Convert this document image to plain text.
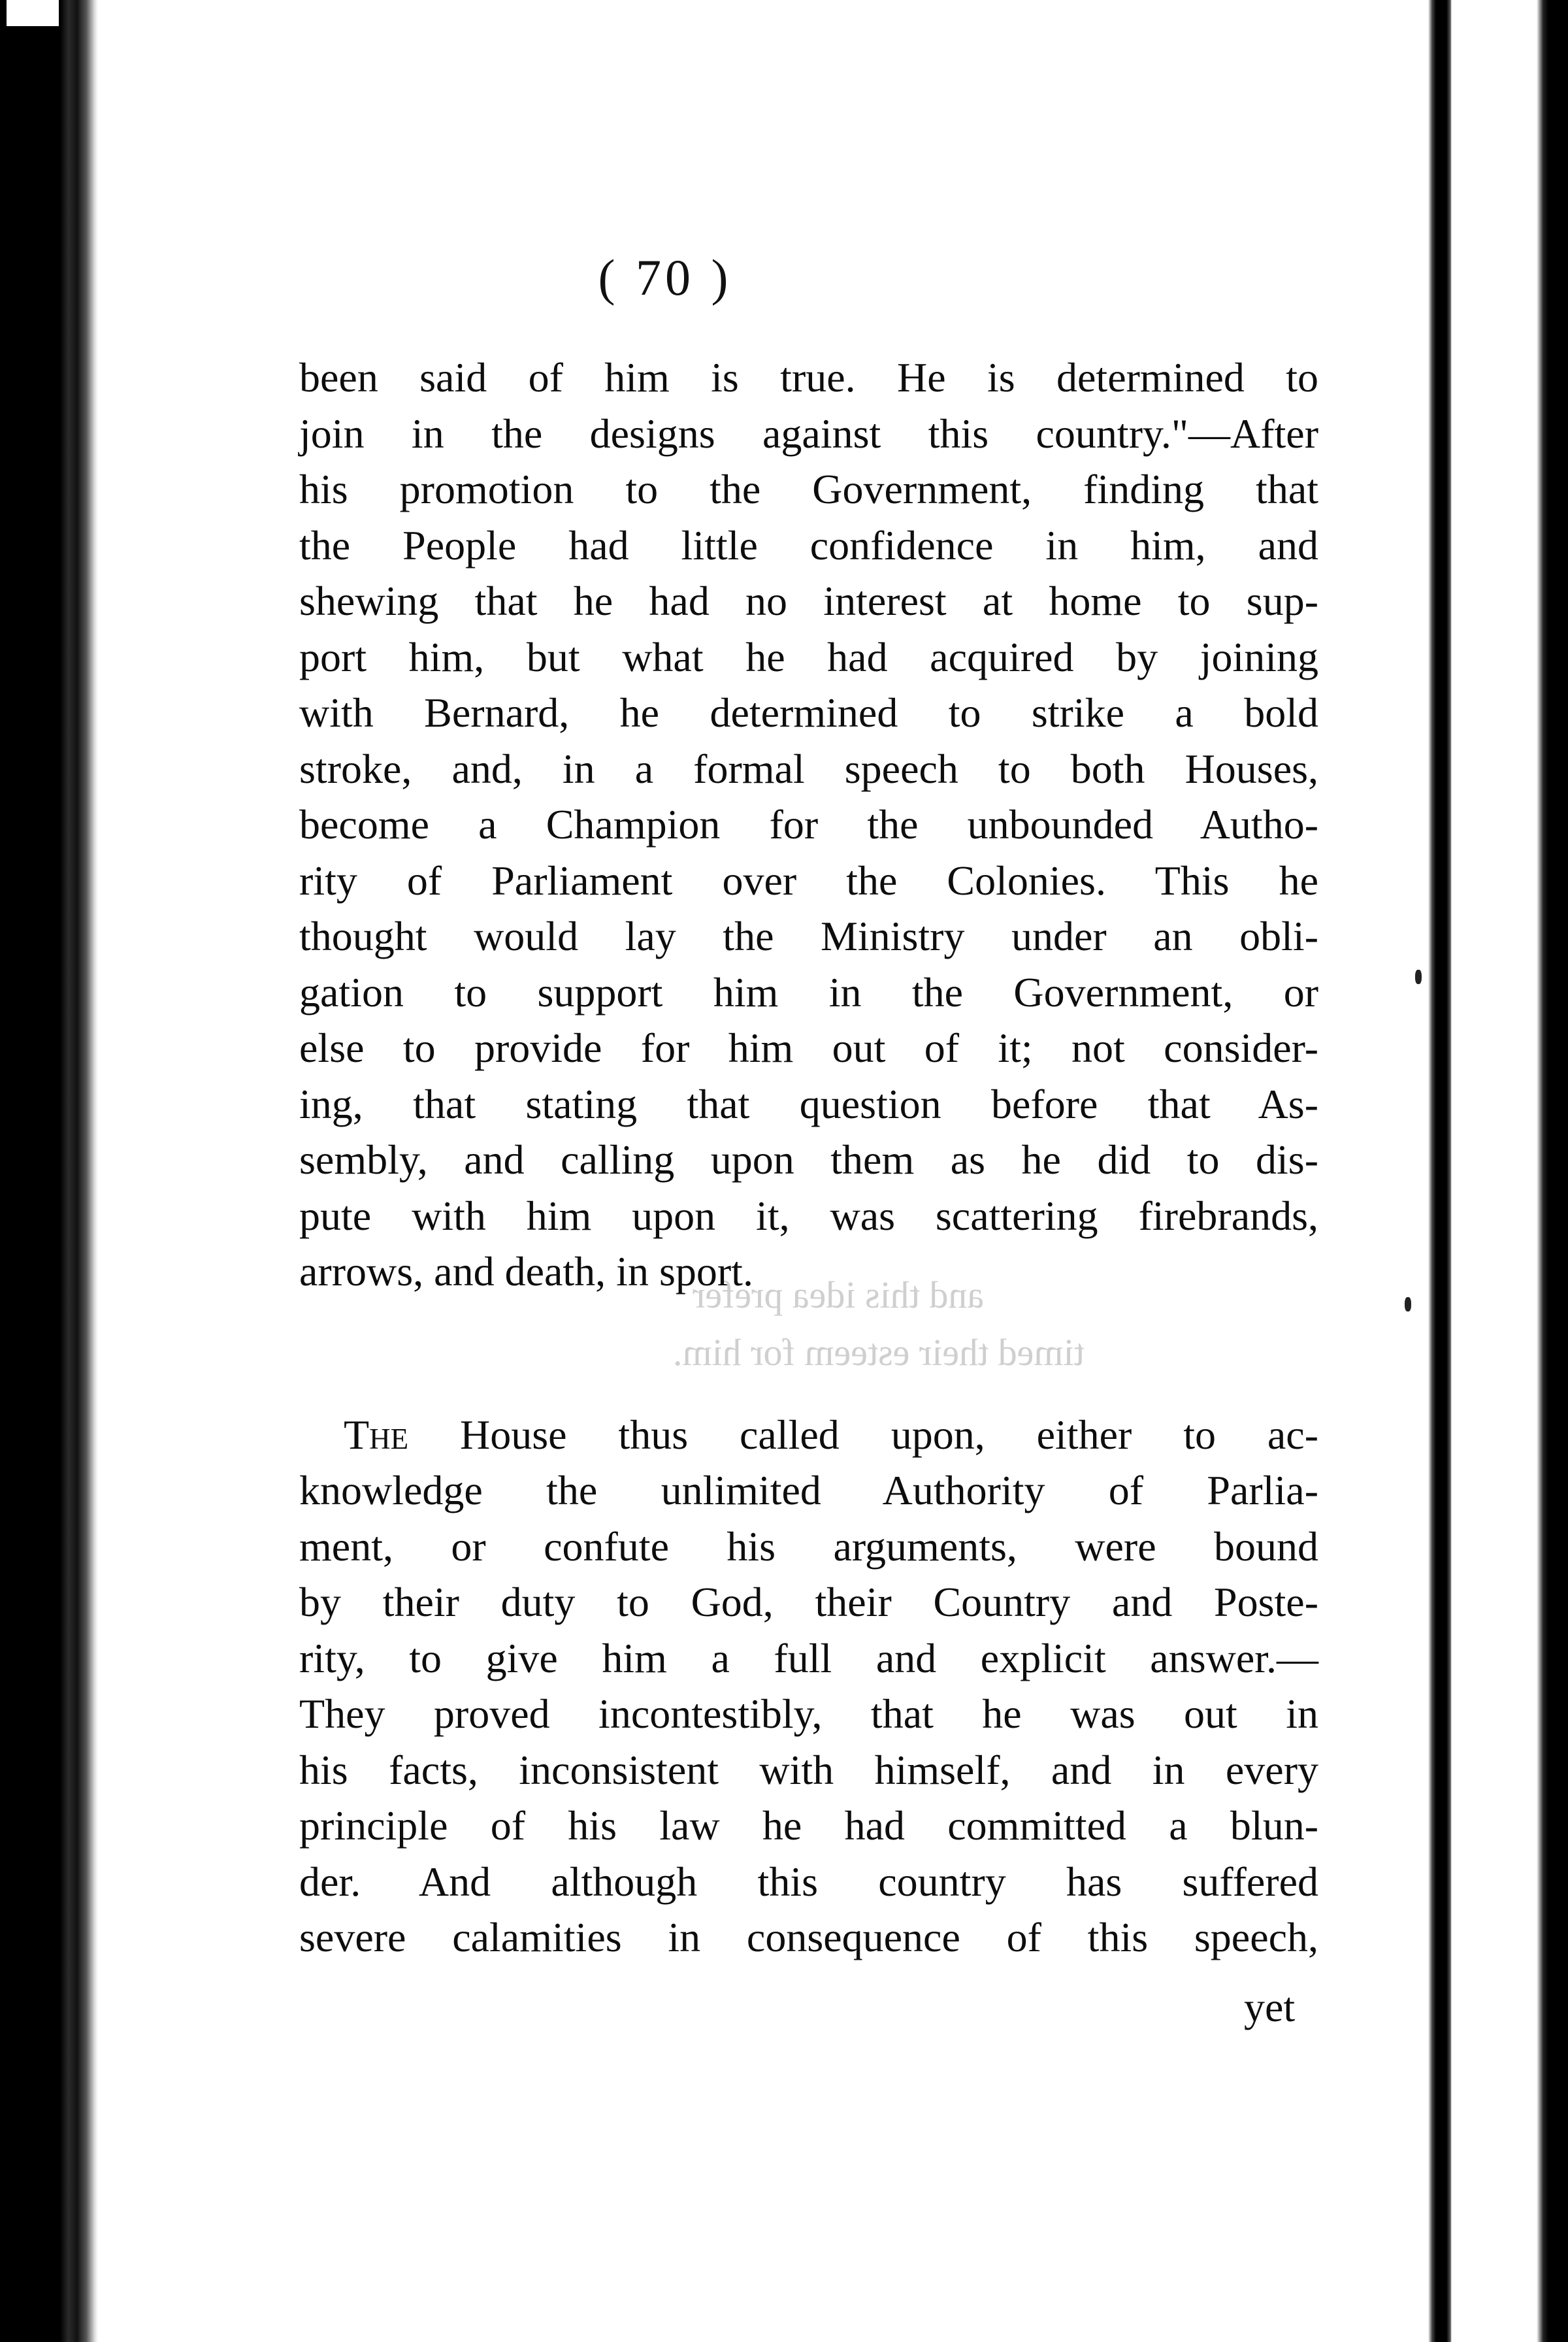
and this idea prefer
timed their esteem for him.
( 70 )
been said of him is true. He is determined to
join in the designs against this country."—After
his promotion to the Government, finding that
the People had little confidence in him, and
shewing that he had no interest at home to sup-
port him, but what he had acquired by joining
with Bernard, he determined to strike a bold
stroke, and, in a formal speech to both Houses,
become a Champion for the unbounded Autho-
rity of Parliament over the Colonies. This he
thought would lay the Ministry under an obli-
gation to support him in the Government, or
else to provide for him out of it; not consider-
ing, that stating that question before that As-
sembly, and calling upon them as he did to dis-
pute with him upon it, was scattering firebrands,
arrows, and death, in sport.
The House thus called upon, either to ac-
knowledge the unlimited Authority of Parlia-
ment, or confute his arguments, were bound
by their duty to God, their Country and Poste-
rity, to give him a full and explicit answer.—
They proved incontestibly, that he was out in
his facts, inconsistent with himself, and in every
principle of his law he had committed a blun-
der. And although this country has suffered
severe calamities in consequence of this speech,
yet
